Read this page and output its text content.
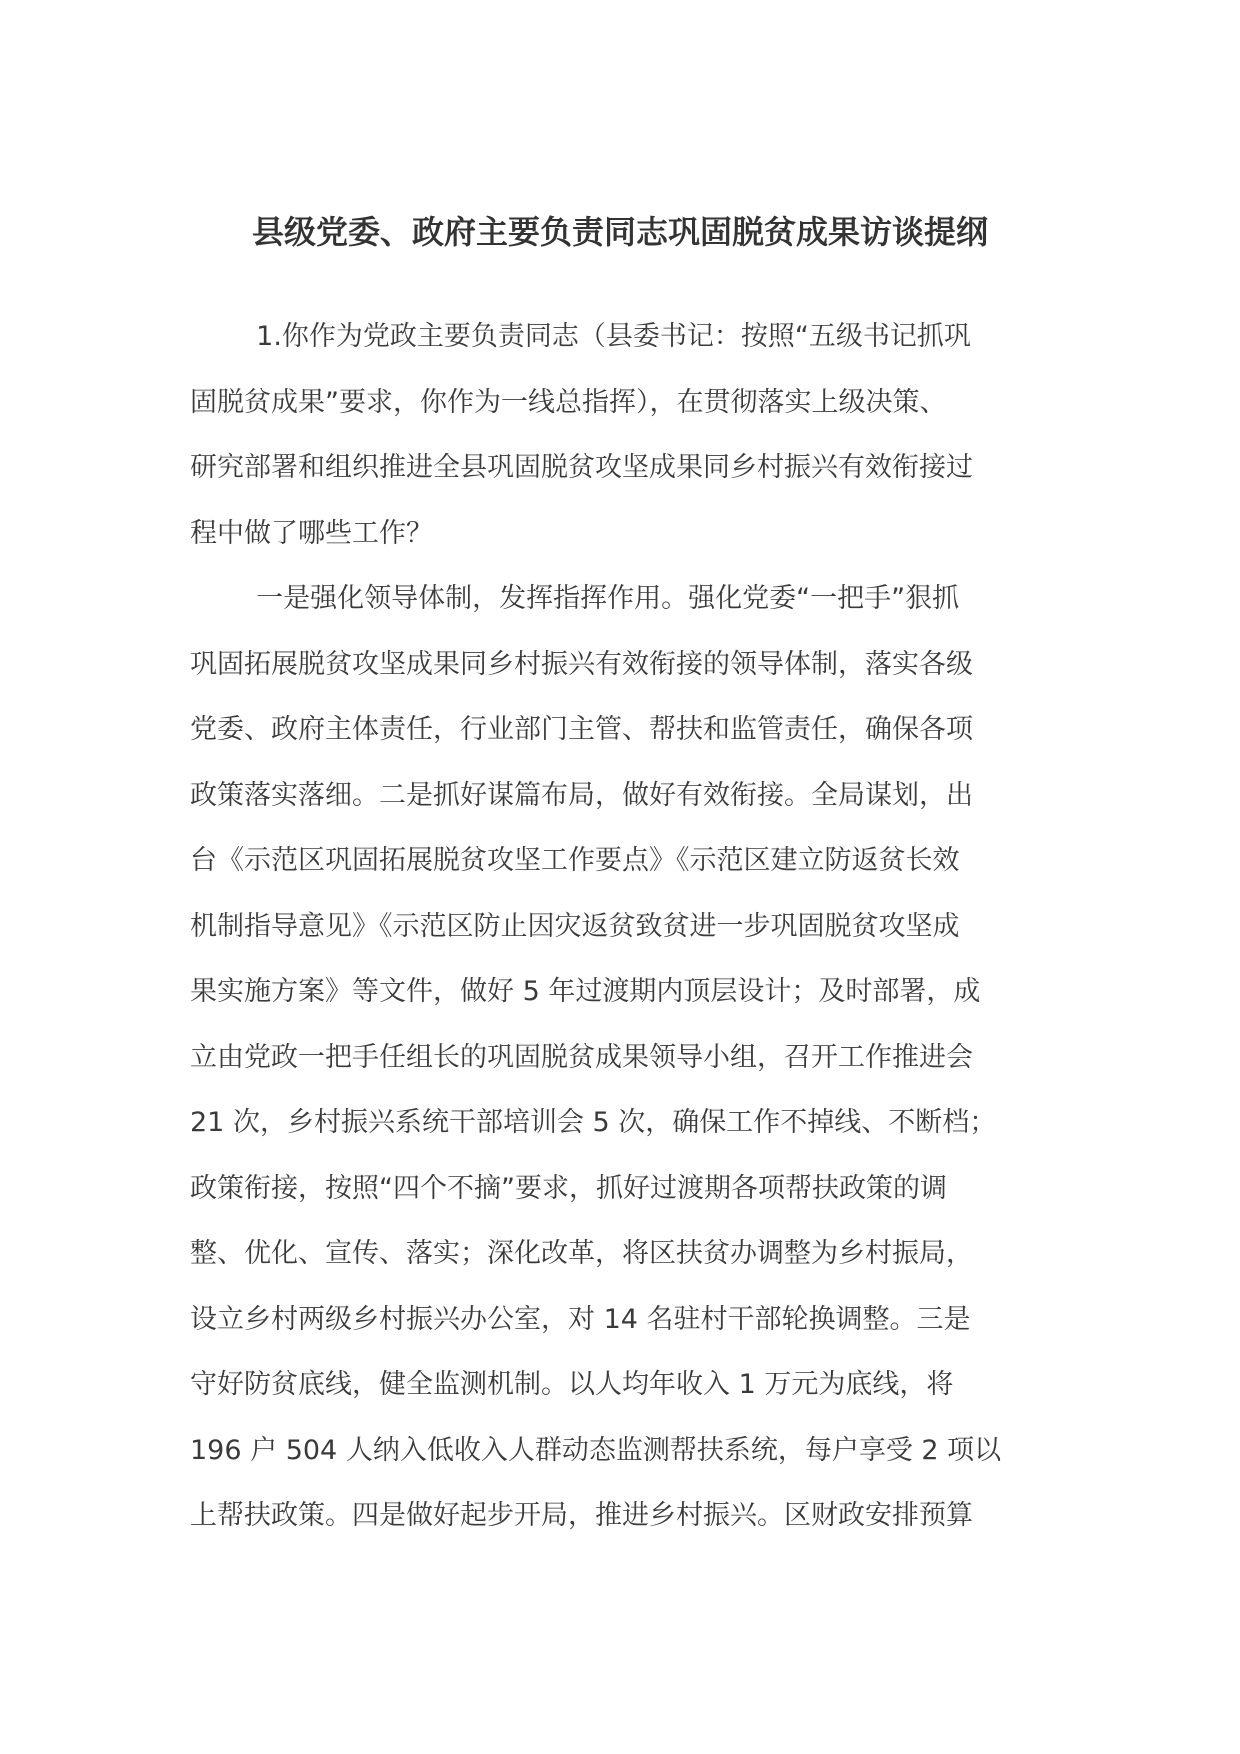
县级党委、政府主要负责同志巩固脱贫成果访谈提纲

1.你作为党政主要负责同志（县委书记：按照“五级书记抓巩
固脱贫成果”要求，你作为一线总指挥），在贯彻落实上级决策、
研究部署和组织推进全县巩固脱贫攻坚成果同乡村振兴有效衔接过
程中做了哪些工作？

一是强化领导体制，发挥指挥作用。强化党委“一把手”狠抓
巩固拓展脱贫攻坚成果同乡村振兴有效衔接的领导体制，落实各级
党委、政府主体责任，行业部门主管、帮扶和监管责任，确保各项
政策落实落细。二是抓好谋篇布局，做好有效衔接。全局谋划，出
台《示范区巩固拓展脱贫攻坚工作要点》《示范区建立防返贫长效
机制指导意见》《示范区防止因灾返贫致贫进一步巩固脱贫攻坚成
果实施方案》等文件，做好 5 年过渡期内顶层设计；及时部署，成
立由党政一把手任组长的巩固脱贫成果领导小组，召开工作推进会
21 次，乡村振兴系统干部培训会 5 次，确保工作不掉线、不断档；
政策衔接，按照“四个不摘”要求，抓好过渡期各项帮扶政策的调
整、优化、宣传、落实；深化改革，将区扶贫办调整为乡村振局，
设立乡村两级乡村振兴办公室，对 14 名驻村干部轮换调整。三是
守好防贫底线，健全监测机制。以人均年收入 1 万元为底线，将
196 户 504 人纳入低收入人群动态监测帮扶系统，每户享受 2 项以
上帮扶政策。四是做好起步开局，推进乡村振兴。区财政安排预算
